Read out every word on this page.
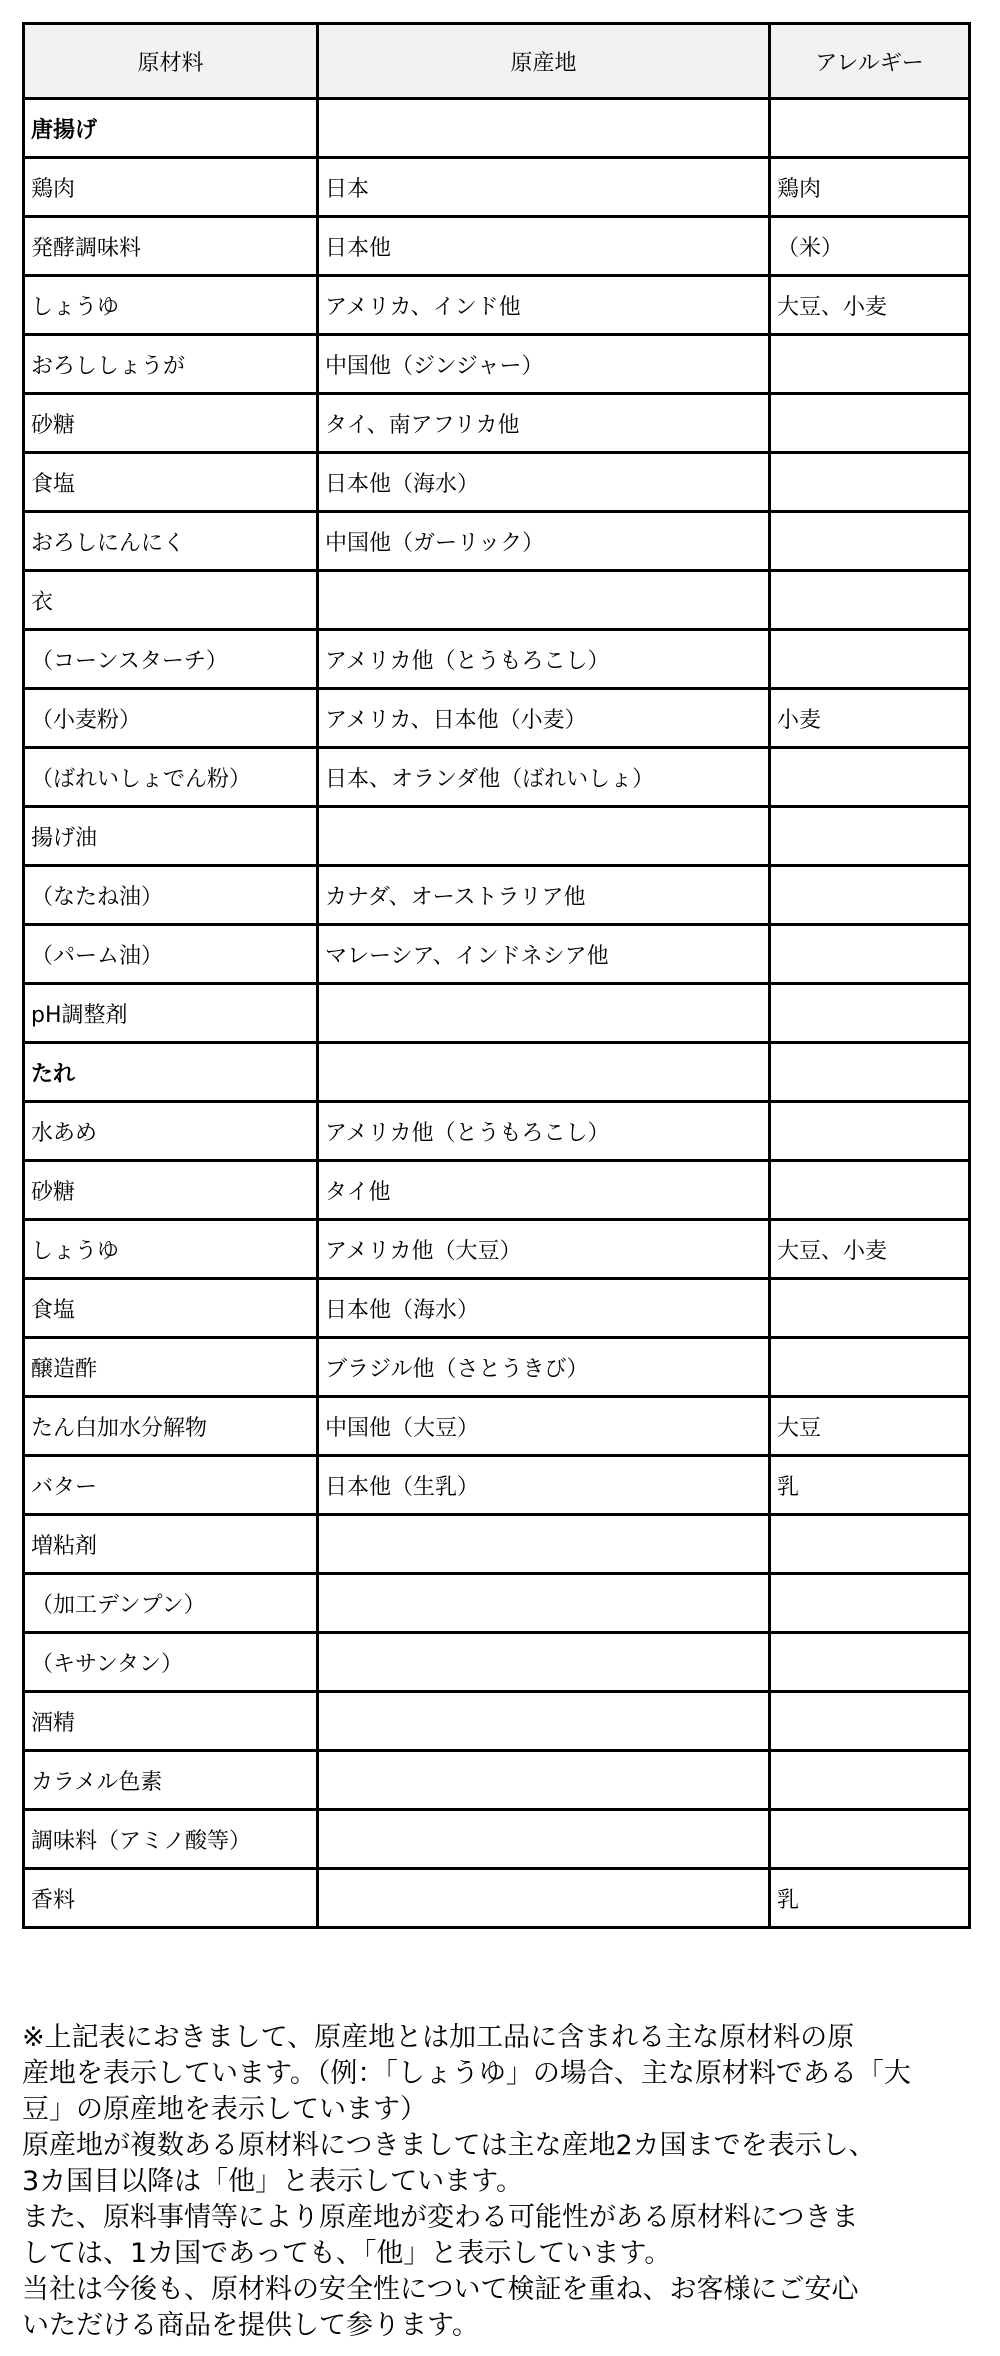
原材料	原産地	アレルギー
唐揚げ		
鶏肉	日本	鶏肉
発酵調味料	日本他	（米）
しょうゆ	アメリカ、インド他	大豆、小麦
おろししょうが	中国他（ジンジャー）	
砂糖	タイ、南アフリカ他	
食塩	日本他（海水）	
おろしにんにく	中国他（ガーリック）	
衣		
（コーンスターチ）	アメリカ他（とうもろこし）	
（小麦粉）	アメリカ、日本他（小麦）	小麦
（ばれいしょでん粉）	日本、オランダ他（ばれいしょ）	
揚げ油		
（なたね油）	カナダ、オーストラリア他	
（パーム油）	マレーシア、インドネシア他	
pH調整剤		
たれ		
水あめ	アメリカ他（とうもろこし）	
砂糖	タイ他	
しょうゆ	アメリカ他（大豆）	大豆、小麦
食塩	日本他（海水）	
醸造酢	ブラジル他（さとうきび）	
たん白加水分解物	中国他（大豆）	大豆
バター	日本他（生乳）	乳
増粘剤		
（加工デンプン）		
（キサンタン）		
酒精		
カラメル色素		
調味料（アミノ酸等）		
香料		乳

※上記表におきまして、原産地とは加工品に含まれる主な原材料の原

産地を表示しています。（例：「しょうゆ」の場合、主な原材料である「大

豆」の原産地を表示しています）

原産地が複数ある原材料につきましては主な産地2カ国までを表示し、

3カ国目以降は「他」と表示しています。

また、原料事情等により原産地が変わる可能性がある原材料につきま

しては、1カ国であっても、「他」と表示しています。

当社は今後も、原材料の安全性について検証を重ね、お客様にご安心

いただける商品を提供して参ります。
